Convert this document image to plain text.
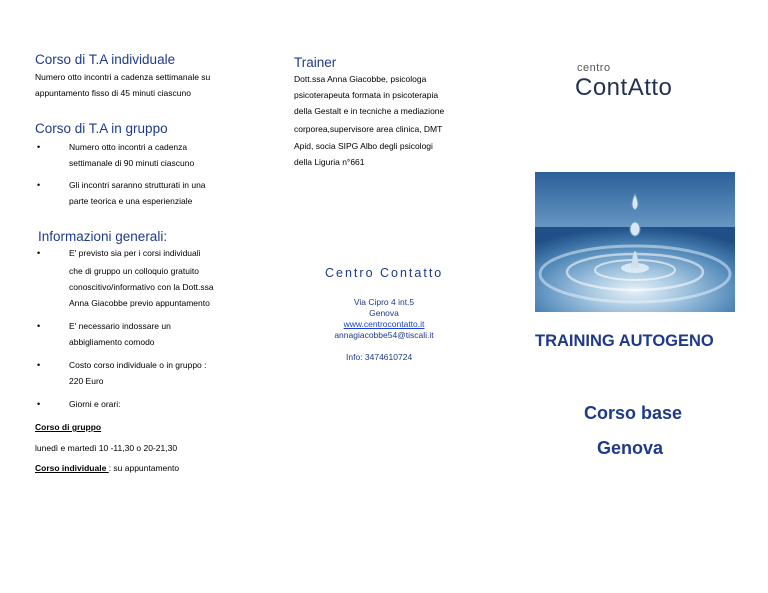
Corso di T.A individuale
Numero otto incontri a cadenza settimanale su
appuntamento fisso di 45 minuti ciascuno
Corso di T.A in gruppo
• Numero otto incontri a cadenza
settimanale di 90 minuti ciascuno
• Gli incontri saranno strutturati in una
parte teorica e una esperienziale
Informazioni generali:
• E' previsto sia per i corsi individuali
che di gruppo un colloquio gratuito
conoscitivo/informativo con la Dott.ssa
Anna Giacobbe previo appuntamento
• E' necessario indossare un
abbigliamento comodo
• Costo corso individuale o in gruppo :
220 Euro
• Giorni e orari:
Corso di gruppo
lunedì e martedì 10 -11,30 o 20-21,30
Corso individuale : su appuntamento
Trainer
Dott.ssa Anna Giacobbe, psicologa
psicoterapeuta formata in psicoterapia
della Gestalt e in tecniche a mediazione
corporea,supervisore area clinica, DMT
Apid, socia SIPG Albo degli psicologi
della Liguria n°661
Centro Contatto
Via Cipro 4 int.5
Genova
www.centrocontatto.it
annagiacobbe54@tiscali.it
Info: 3474610724
centro
ContAtto
TRAINING AUTOGENO
Corso base
Genova
